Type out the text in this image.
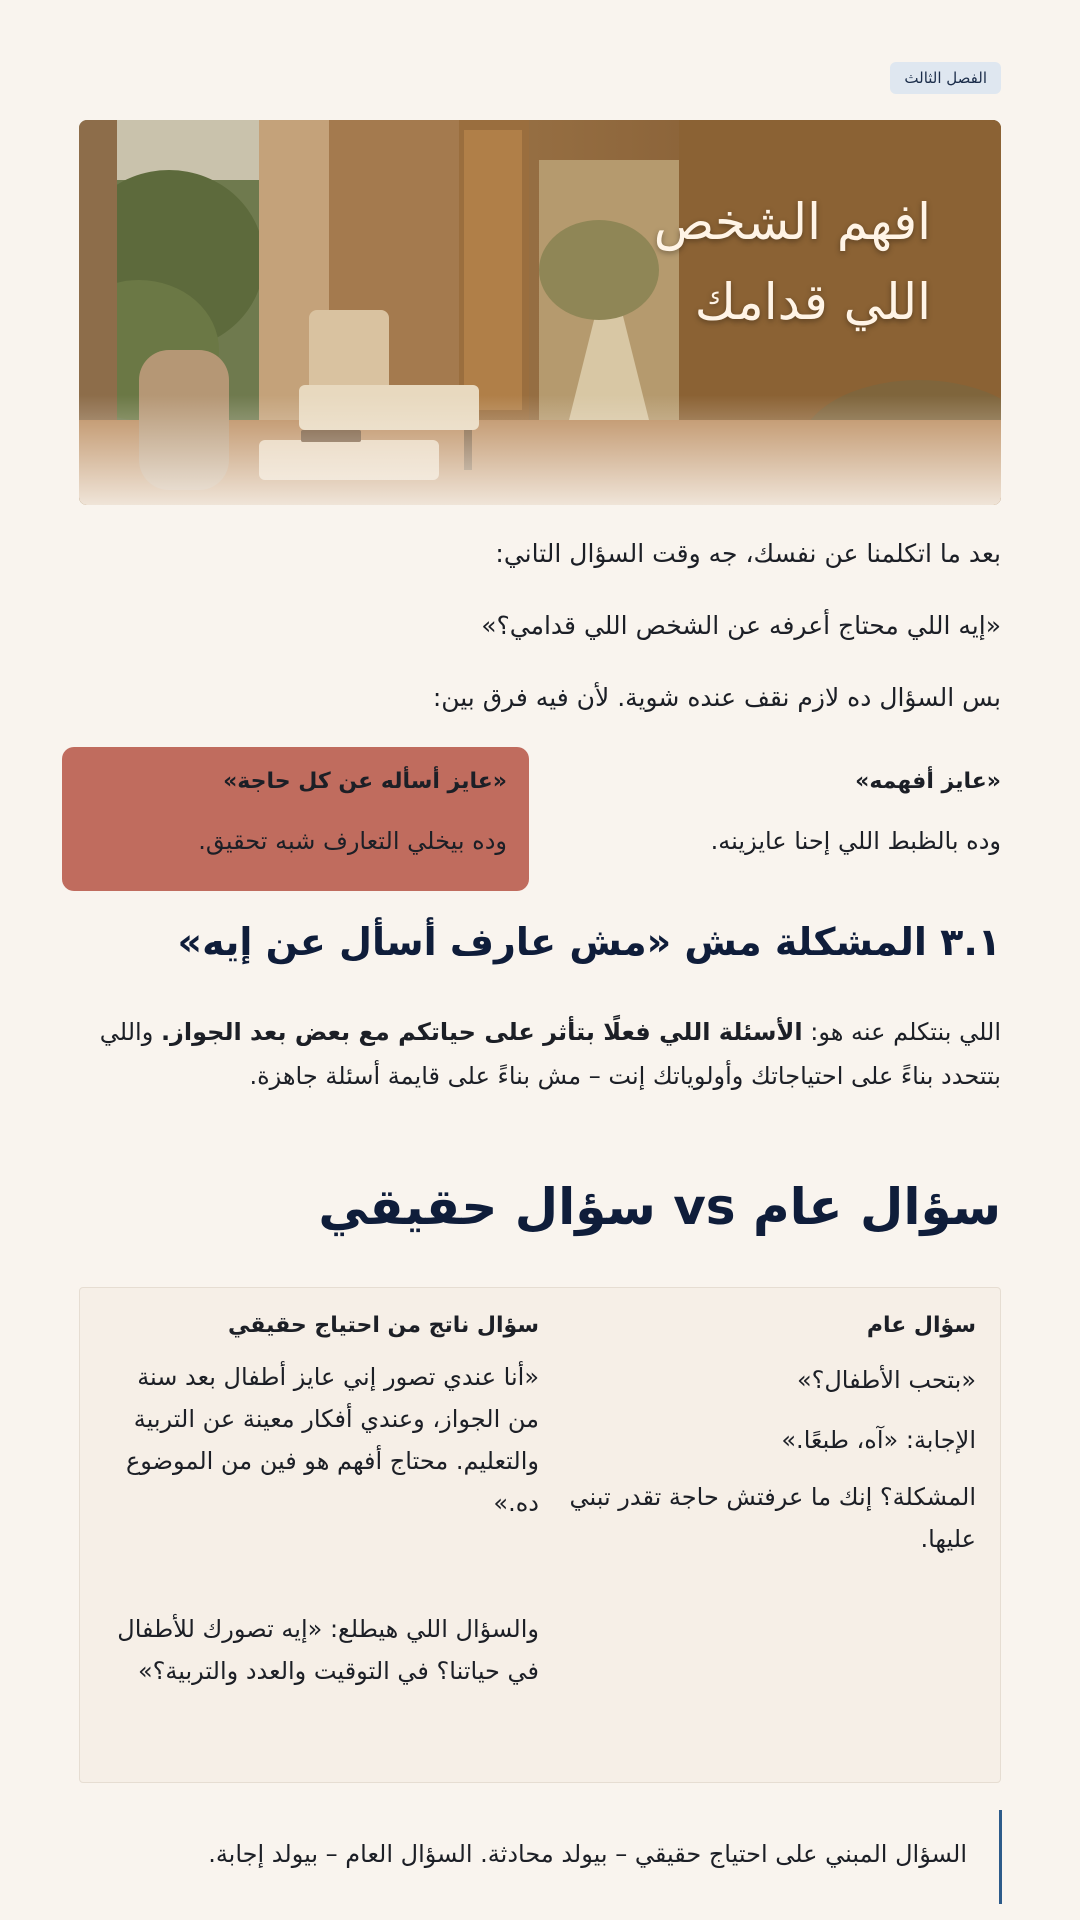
الفصل الثالث
افهم الشخص
اللي قدامك

بعد ما اتكلمنا عن نفسك، جه وقت السؤال التاني:

«إيه اللي محتاج أعرفه عن الشخص اللي قدامي؟»

بس السؤال ده لازم نقف عنده شوية. لأن فيه فرق بين:

«عايز أفهمه»
وده بالظبط اللي إحنا عايزينه.
«عايز أسأله عن كل حاجة»
وده بيخلي التعارف شبه تحقيق.
٣.١ المشكلة مش «مش عارف أسأل عن إيه»

اللي بنتكلم عنه هو: الأسئلة اللي فعلًا بتأثر على حياتكم مع بعض بعد الجواز. واللي بتتحدد بناءً على احتياجاتك وأولوياتك إنت – مش بناءً على قايمة أسئلة جاهزة.

سؤال عام vs سؤال حقيقي
سؤال عام
«بتحب الأطفال؟»
الإجابة: «آه، طبعًا.»

المشكلة؟ إنك ما عرفتش حاجة تقدر تبني عليها.

سؤال ناتج من احتياج حقيقي

«أنا عندي تصور إني عايز أطفال بعد سنة من الجواز، وعندي أفكار معينة عن التربية والتعليم. محتاج أفهم هو فين من الموضوع ده.»

والسؤال اللي هيطلع: «إيه تصورك للأطفال في حياتنا؟ في التوقيت والعدد والتربية؟»

السؤال المبني على احتياج حقيقي – بيولد محادثة. السؤال العام – بيولد إجابة.
